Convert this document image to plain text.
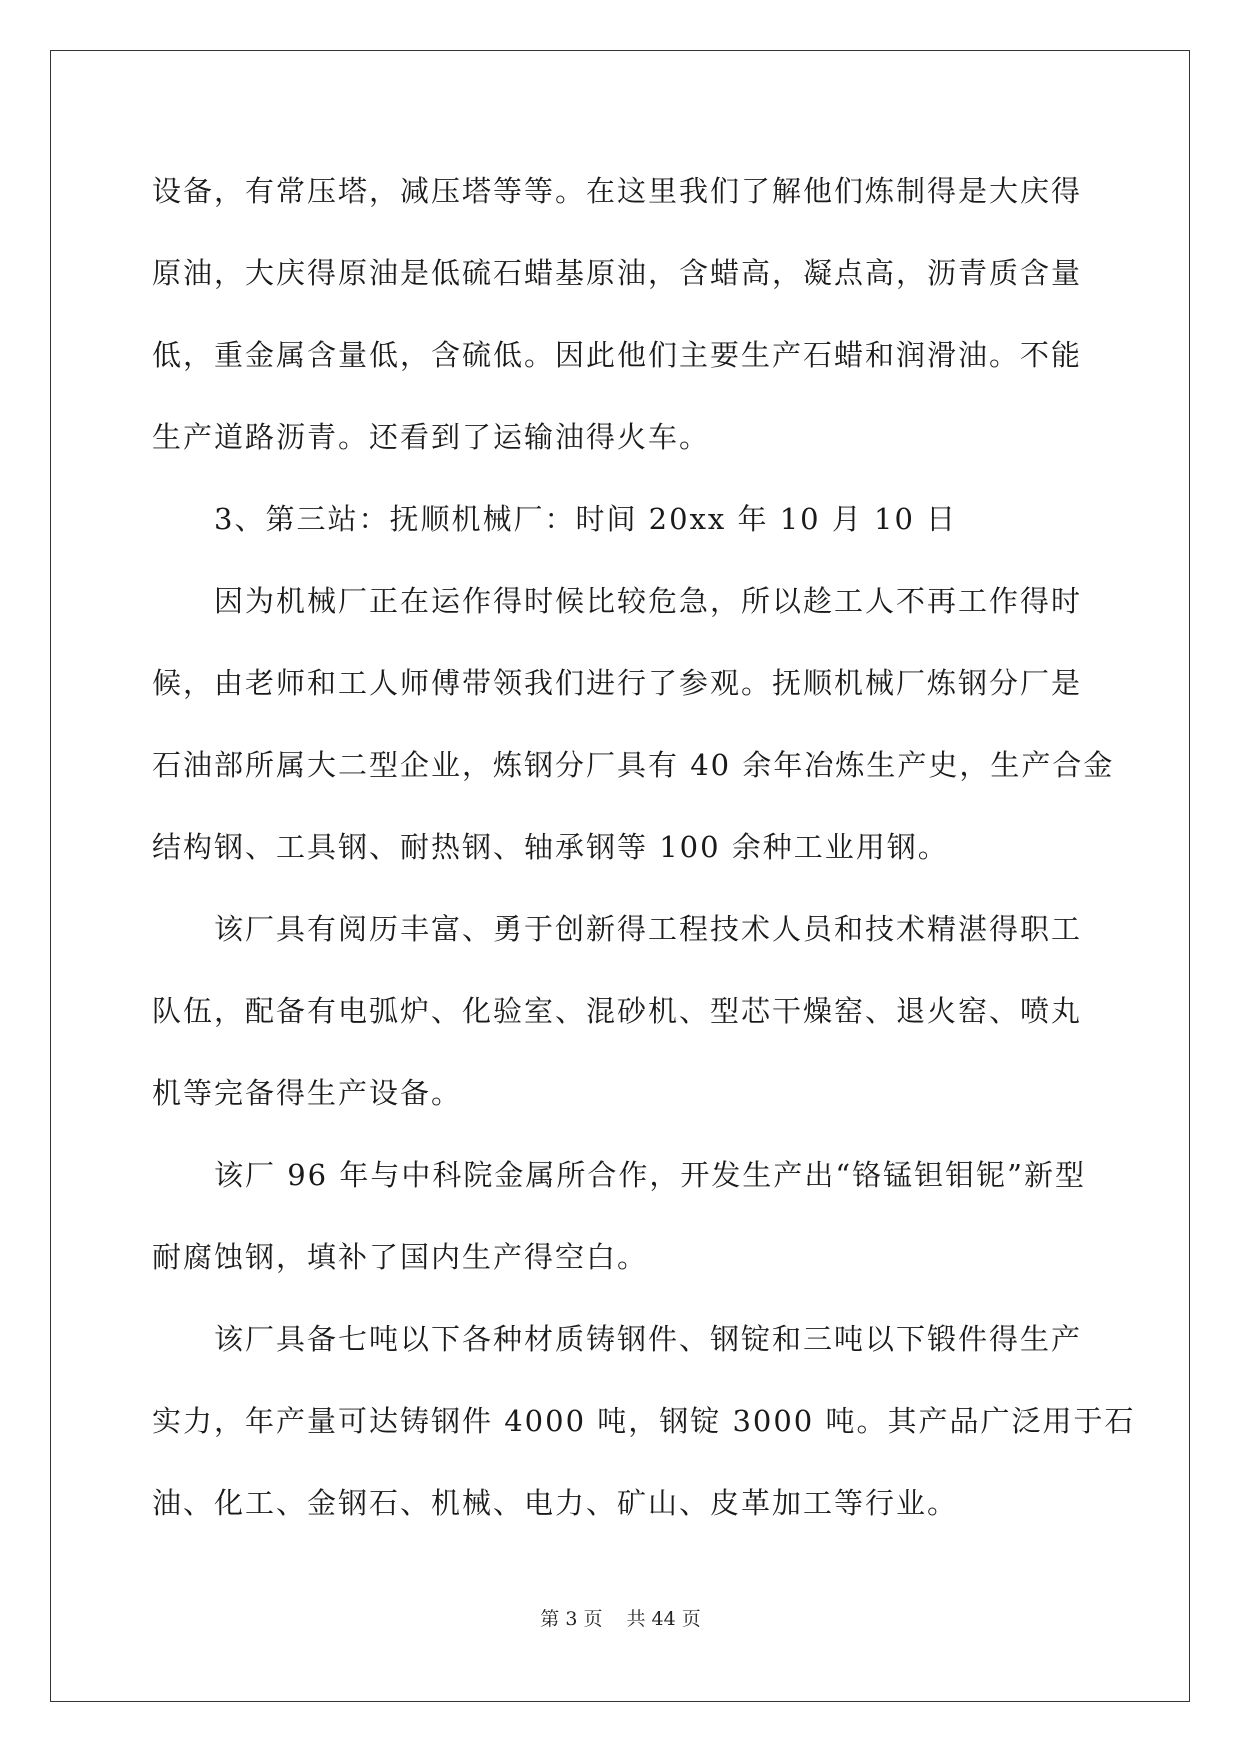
设备，有常压塔，减压塔等等。在这里我们了解他们炼制得是大庆得
原油，大庆得原油是低硫石蜡基原油，含蜡高，凝点高，沥青质含量
低，重金属含量低，含硫低。因此他们主要生产石蜡和润滑油。不能
生产道路沥青。还看到了运输油得火车。

3、第三站：抚顺机械厂：时间 20xx 年 10 月 10 日

因为机械厂正在运作得时候比较危急，所以趁工人不再工作得时
候，由老师和工人师傅带领我们进行了参观。抚顺机械厂炼钢分厂是
石油部所属大二型企业，炼钢分厂具有 40 余年冶炼生产史，生产合金
结构钢、工具钢、耐热钢、轴承钢等 100 余种工业用钢。

该厂具有阅历丰富、勇于创新得工程技术人员和技术精湛得职工
队伍，配备有电弧炉、化验室、混砂机、型芯干燥窑、退火窑、喷丸
机等完备得生产设备。

该厂 96 年与中科院金属所合作，开发生产出“铬锰钽钼铌”新型
耐腐蚀钢，填补了国内生产得空白。

该厂具备七吨以下各种材质铸钢件、钢锭和三吨以下锻件得生产
实力，年产量可达铸钢件 4000 吨，钢锭 3000 吨。其产品广泛用于石
油、化工、金钢石、机械、电力、矿山、皮革加工等行业。

第 3 页 共 44 页
